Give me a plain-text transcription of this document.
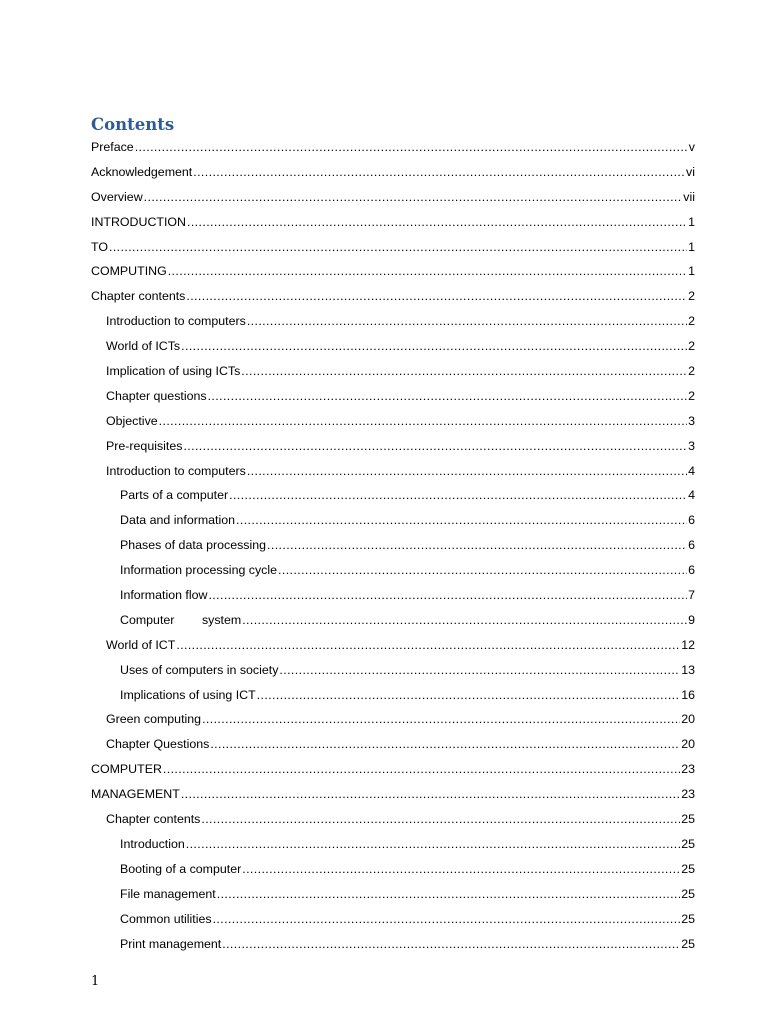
Contents
Preface .....	v
Acknowledgement .....	vi
Overview .....	vii
INTRODUCTION .....	1
TO .....	1
COMPUTING .....	1
Chapter contents .....	2
Introduction to computers .....	2
World of ICTs .....	2
Implication of using ICTs .....	2
Chapter questions .....	2
Objective .....	3
Pre-requisites .....	3
Introduction to computers .....	4
Parts of a computer .....	4
Data and information .....	6
Phases of data processing .....	6
Information processing cycle .....	6
Information flow .....	7
Computer        system .....	9
World of ICT .....	12
Uses of computers in society .....	13
Implications of using ICT .....	16
Green computing .....	20
Chapter Questions .....	20
COMPUTER .....	23
MANAGEMENT .....	23
Chapter contents .....	25
Introduction .....	25
Booting of a computer .....	25
File management .....	25
Common utilities .....	25
Print management .....	25

1
